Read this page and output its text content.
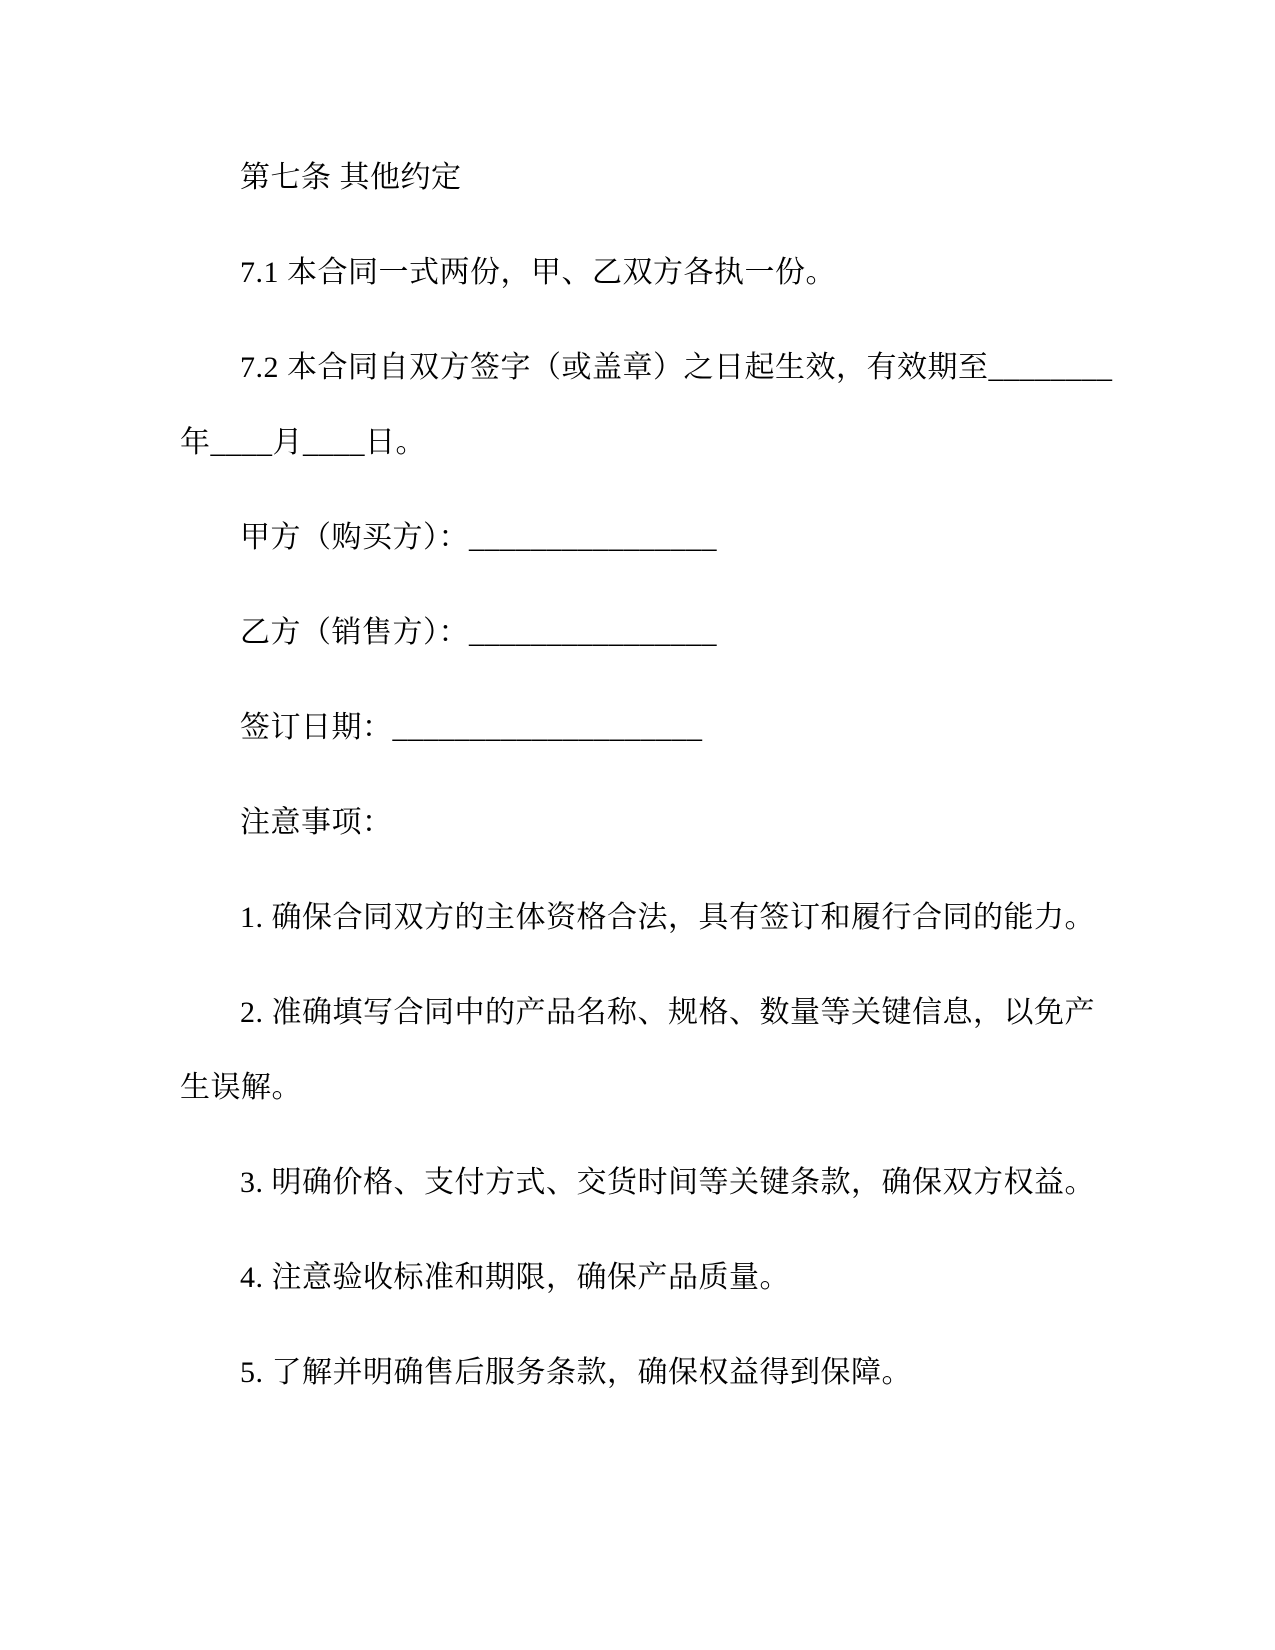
第七条 其他约定
7.1 本合同一式两份，甲、乙双方各执一份。
7.2 本合同自双方签字（或盖章）之日起生效，有效期至________
年____月____日。
甲方（购买方）：________________
乙方（销售方）：________________
签订日期：____________________
注意事项：
1. 确保合同双方的主体资格合法，具有签订和履行合同的能力。
2. 准确填写合同中的产品名称、规格、数量等关键信息，以免产
生误解。
3. 明确价格、支付方式、交货时间等关键条款，确保双方权益。
4. 注意验收标准和期限，确保产品质量。
5. 了解并明确售后服务条款，确保权益得到保障。
